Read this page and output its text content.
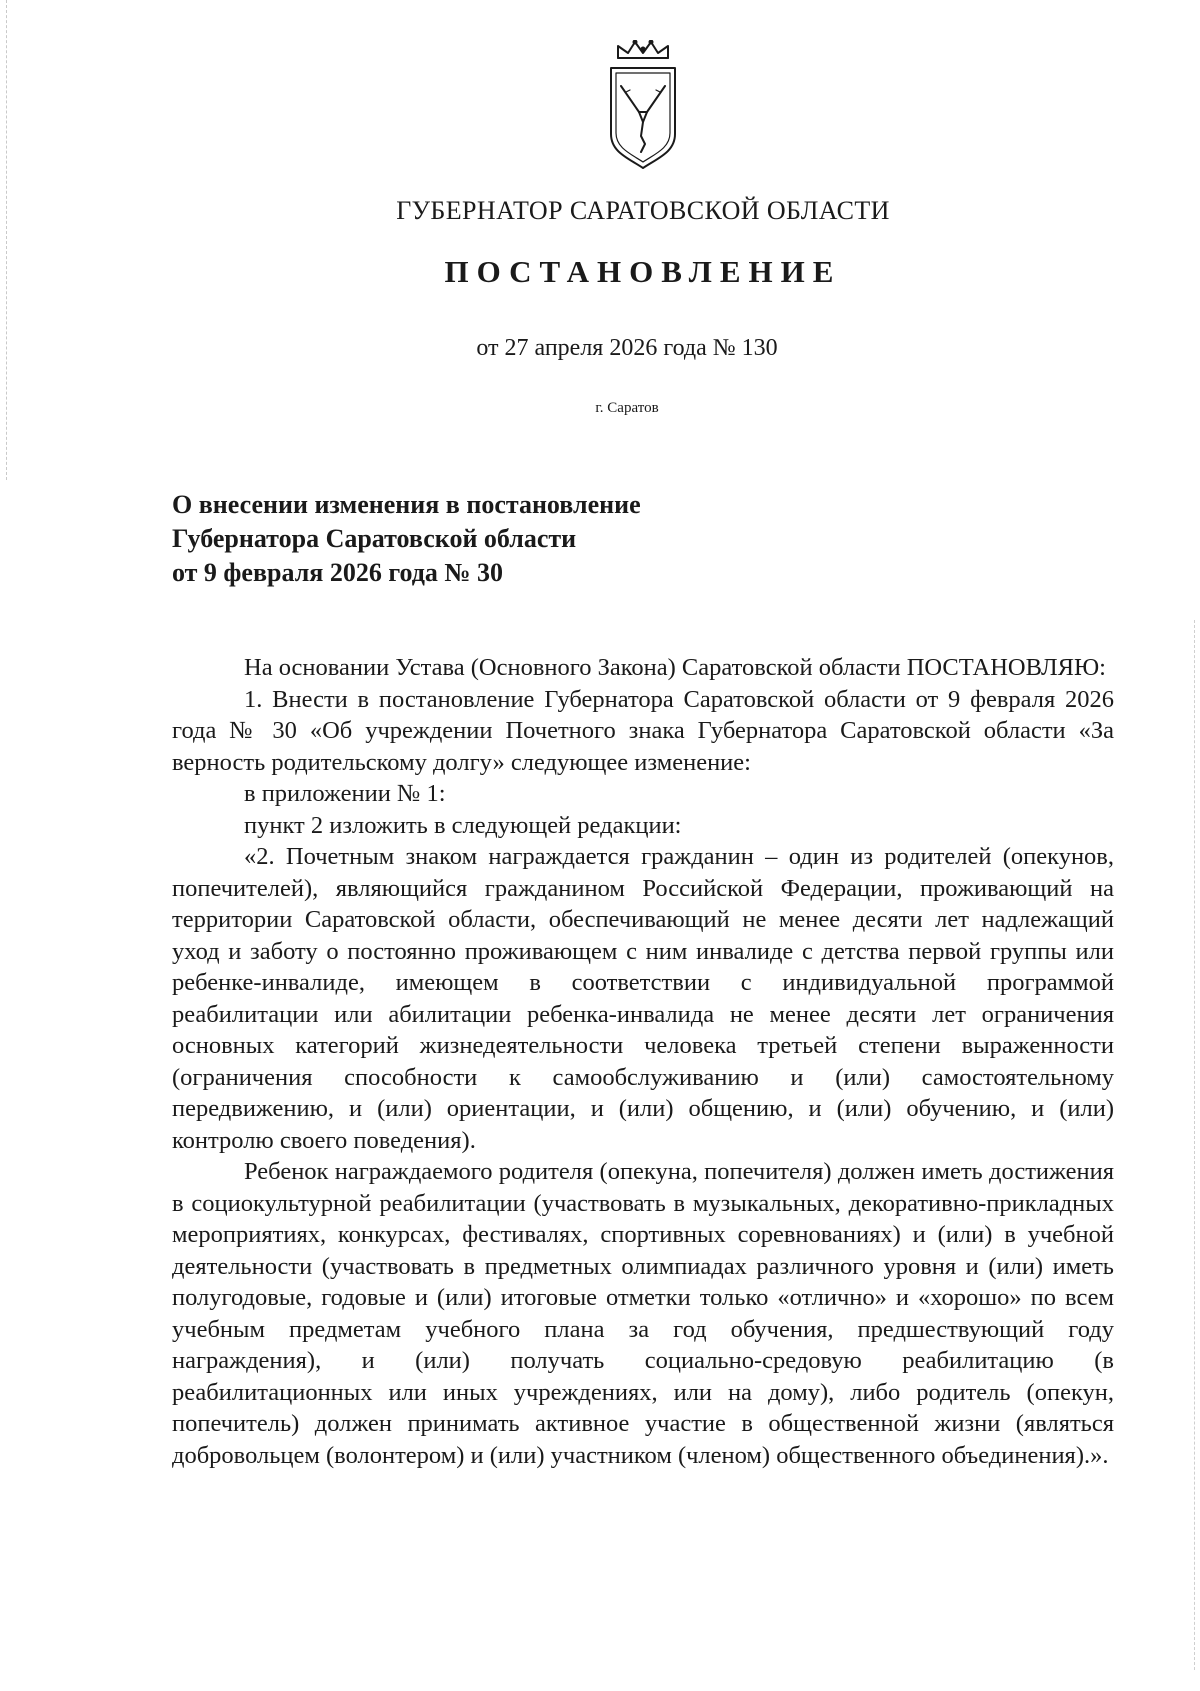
ГУБЕРНАТОР САРАТОВСКОЙ ОБЛАСТИ
ПОСТАНОВЛЕНИЕ
от 27 апреля 2026 года № 130
г. Саратов
О внесении изменения в постановление
Губернатора Саратовской области
от 9 февраля 2026 года № 30

На основании Устава (Основного Закона) Саратовской области ПОСТАНОВЛЯЮ:

1. Внести в постановление Губернатора Саратовской области от 9 февраля 2026 года № 30 «Об учреждении Почетного знака Губернатора Саратовской области «За верность родительскому долгу» следующее изменение:

в приложении № 1:

пункт 2 изложить в следующей редакции:

«2. Почетным знаком награждается гражданин – один из родителей (опекунов, попечителей), являющийся гражданином Российской Федерации, проживающий на территории Саратовской области, обеспечивающий не менее десяти лет надлежащий уход и заботу о постоянно проживающем с ним инвалиде с детства первой группы или ребенке-инвалиде, имеющем в соответствии с индивидуальной программой реабилитации или абилитации ребенка-инвалида не менее десяти лет ограничения основных категорий жизнедеятельности человека третьей степени выраженности (ограничения способности к самообслуживанию и (или) самостоятельному передвижению, и (или) ориентации, и (или) общению, и (или) обучению, и (или) контролю своего поведения).

Ребенок награждаемого родителя (опекуна, попечителя) должен иметь достижения в социокультурной реабилитации (участвовать в музыкальных, декоративно-прикладных мероприятиях, конкурсах, фестивалях, спортивных соревнованиях) и (или) в учебной деятельности (участвовать в предметных олимпиадах различного уровня и (или) иметь полугодовые, годовые и (или) итоговые отметки только «отлично» и «хорошо» по всем учебным предметам учебного плана за год обучения, предшествующий году награждения), и (или) получать социально-средовую реабилитацию (в реабилитационных или иных учреждениях, или на дому), либо родитель (опекун, попечитель) должен принимать активное участие в общественной жизни (являться добровольцем (волонтером) и (или) участником (членом) общественного объединения).».
